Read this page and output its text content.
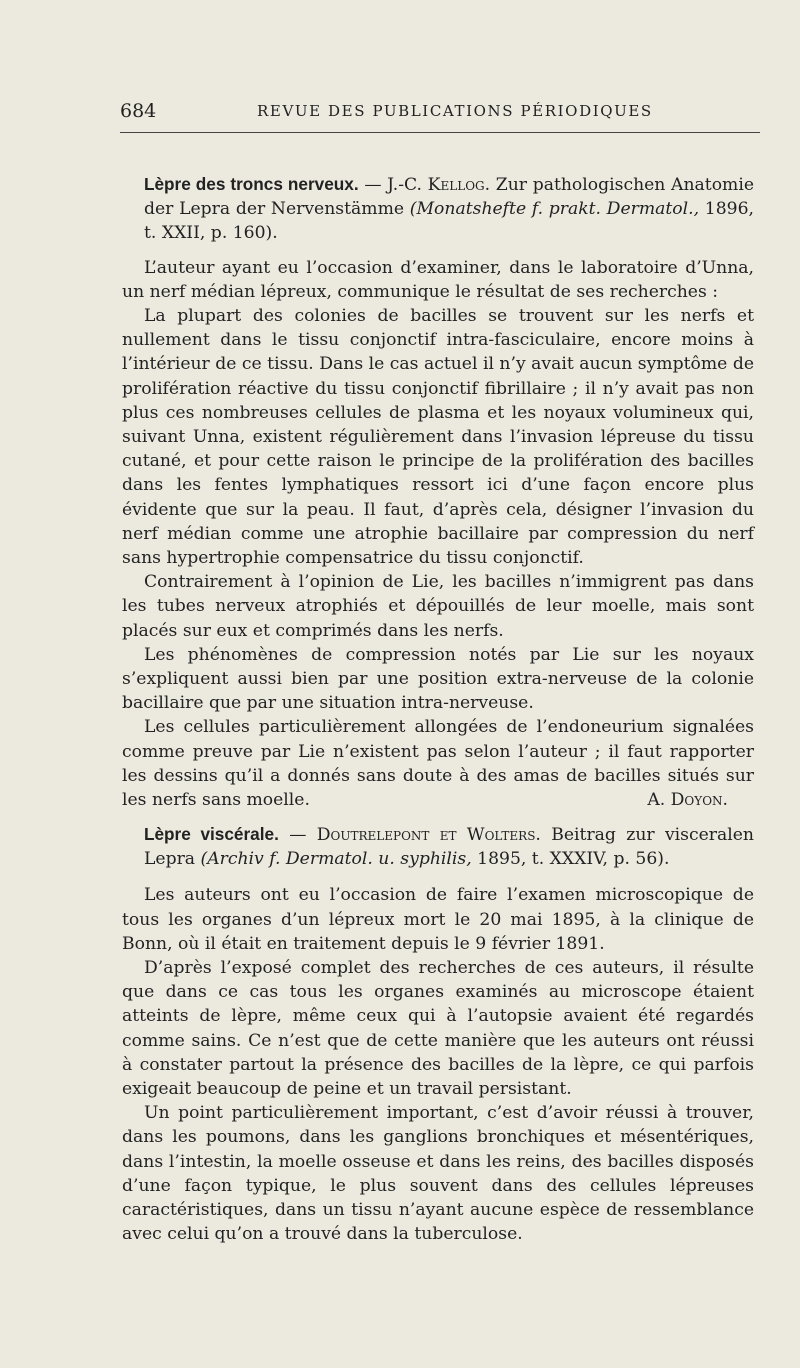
684	REVUE DES PUBLICATIONS PÉRIODIQUES

Lèpre des troncs nerveux. — J.-C. Kellog. Zur pathologischen Anatomie der Lepra der Nervenstämme (Monatshefte f. prakt. Dermatol., 1896, t. XXII, p. 160).

L’auteur ayant eu l’occasion d’examiner, dans le laboratoire d’Unna, un nerf médian lépreux, communique le résultat de ses recherches :

La plupart des colonies de bacilles se trouvent sur les nerfs et nullement dans le tissu conjonctif intra-fasciculaire, encore moins à l’intérieur de ce tissu. Dans le cas actuel il n’y avait aucun symptôme de prolifération réactive du tissu conjonctif fibrillaire ; il n’y avait pas non plus ces nombreuses cellules de plasma et les noyaux volumineux qui, suivant Unna, existent régulièrement dans l’invasion lépreuse du tissu cutané, et pour cette raison le principe de la prolifération des bacilles dans les fentes lymphatiques ressort ici d’une façon encore plus évidente que sur la peau. Il faut, d’après cela, désigner l’invasion du nerf médian comme une atrophie bacillaire par compression du nerf sans hypertrophie compensatrice du tissu conjonctif.

Contrairement à l’opinion de Lie, les bacilles n’immigrent pas dans les tubes nerveux atrophiés et dépouillés de leur moelle, mais sont placés sur eux et comprimés dans les nerfs.

Les phénomènes de compression notés par Lie sur les noyaux s’expliquent aussi bien par une position extra-nerveuse de la colonie bacillaire que par une situation intra-nerveuse.

Les cellules particulièrement allongées de l’endoneurium signalées comme preuve par Lie n’existent pas selon l’auteur ; il faut rapporter les dessins qu’il a donnés sans doute à des amas de bacilles situés sur les nerfs sans moelle.	A. Doyon.

Lèpre viscérale. — Doutrelepont et Wolters. Beitrag zur visceralen Lepra (Archiv f. Dermatol. u. syphilis, 1895, t. XXXIV, p. 56).

Les auteurs ont eu l’occasion de faire l’examen microscopique de tous les organes d’un lépreux mort le 20 mai 1895, à la clinique de Bonn, où il était en traitement depuis le 9 février 1891.

D’après l’exposé complet des recherches de ces auteurs, il résulte que dans ce cas tous les organes examinés au microscope étaient atteints de lèpre, même ceux qui à l’autopsie avaient été regardés comme sains. Ce n’est que de cette manière que les auteurs ont réussi à constater partout la présence des bacilles de la lèpre, ce qui parfois exigeait beaucoup de peine et un travail persistant.

Un point particulièrement important, c’est d’avoir réussi à trouver, dans les poumons, dans les ganglions bronchiques et mésentériques, dans l’intestin, la moelle osseuse et dans les reins, des bacilles disposés d’une façon typique, le plus souvent dans des cellules lépreuses caractéristiques, dans un tissu n’ayant aucune espèce de ressemblance avec celui qu’on a trouvé dans la tuberculose.
